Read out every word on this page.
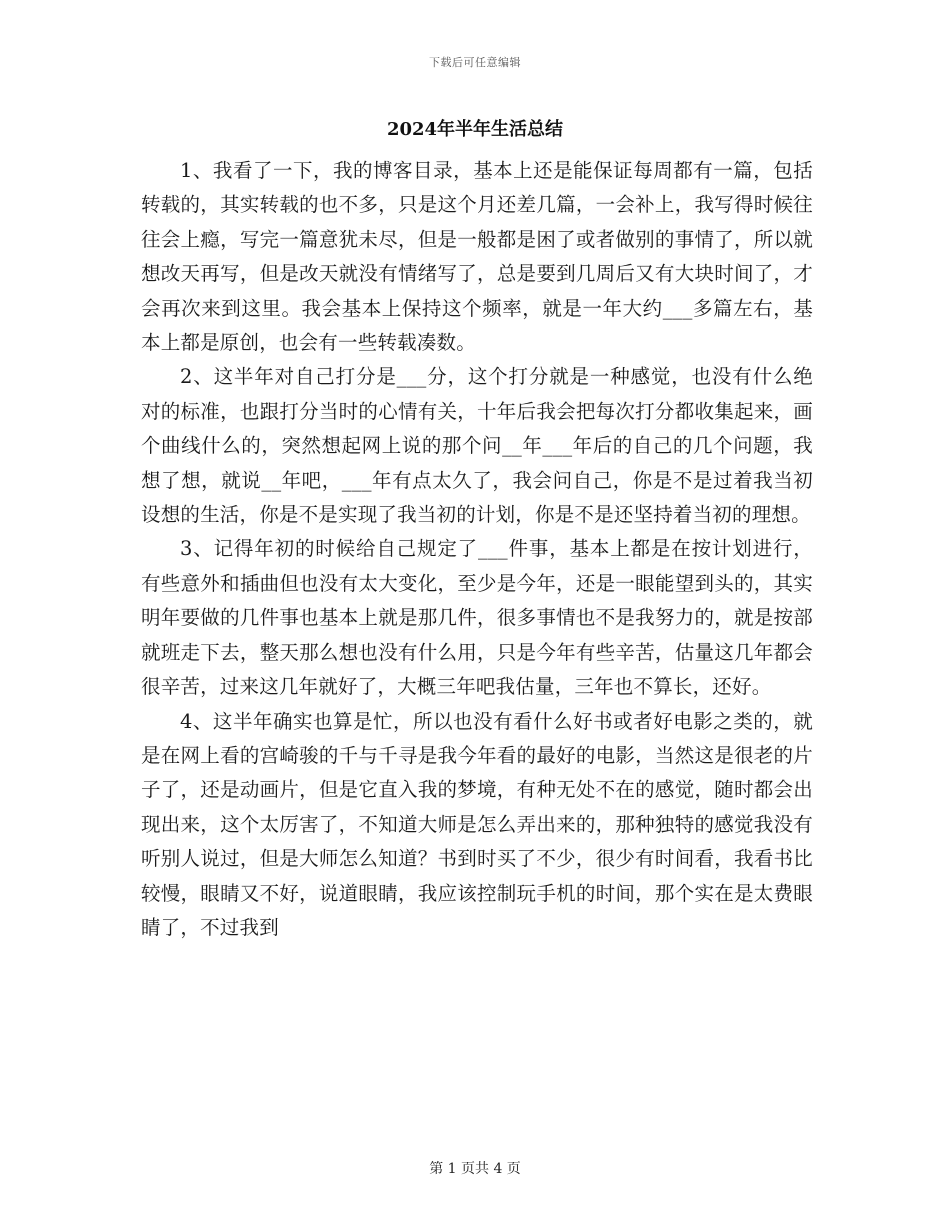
下载后可任意编辑
2024年半年生活总结

1、我看了一下，我的博客目录，基本上还是能保证每周都有一篇，包括转载的，其实转载的也不多，只是这个月还差几篇，一会补上，我写得时候往往会上瘾，写完一篇意犹未尽，但是一般都是困了或者做别的事情了，所以就想改天再写，但是改天就没有情绪写了，总是要到几周后又有大块时间了，才会再次来到这里。我会基本上保持这个频率，就是一年大约___多篇左右，基本上都是原创，也会有一些转载凑数。

2、这半年对自己打分是___分，这个打分就是一种感觉，也没有什么绝对的标准，也跟打分当时的心情有关，十年后我会把每次打分都收集起来，画个曲线什么的，突然想起网上说的那个问__年___年后的自己的几个问题，我想了想，就说__年吧，___年有点太久了，我会问自己，你是不是过着我当初设想的生活，你是不是实现了我当初的计划，你是不是还坚持着当初的理想。

3、记得年初的时候给自己规定了___件事，基本上都是在按计划进行，有些意外和插曲但也没有太大变化，至少是今年，还是一眼能望到头的，其实明年要做的几件事也基本上就是那几件，很多事情也不是我努力的，就是按部就班走下去，整天那么想也没有什么用，只是今年有些辛苦，估量这几年都会很辛苦，过来这几年就好了，大概三年吧我估量，三年也不算长，还好。

4、这半年确实也算是忙，所以也没有看什么好书或者好电影之类的，就是在网上看的宫崎骏的千与千寻是我今年看的最好的电影，当然这是很老的片子了，还是动画片，但是它直入我的梦境，有种无处不在的感觉，随时都会出现出来，这个太厉害了，不知道大师是怎么弄出来的，那种独特的感觉我没有听别人说过，但是大师怎么知道？书到时买了不少，很少有时间看，我看书比较慢，眼睛又不好，说道眼睛，我应该控制玩手机的时间，那个实在是太费眼睛了，不过我到

第 1 页共 4 页
